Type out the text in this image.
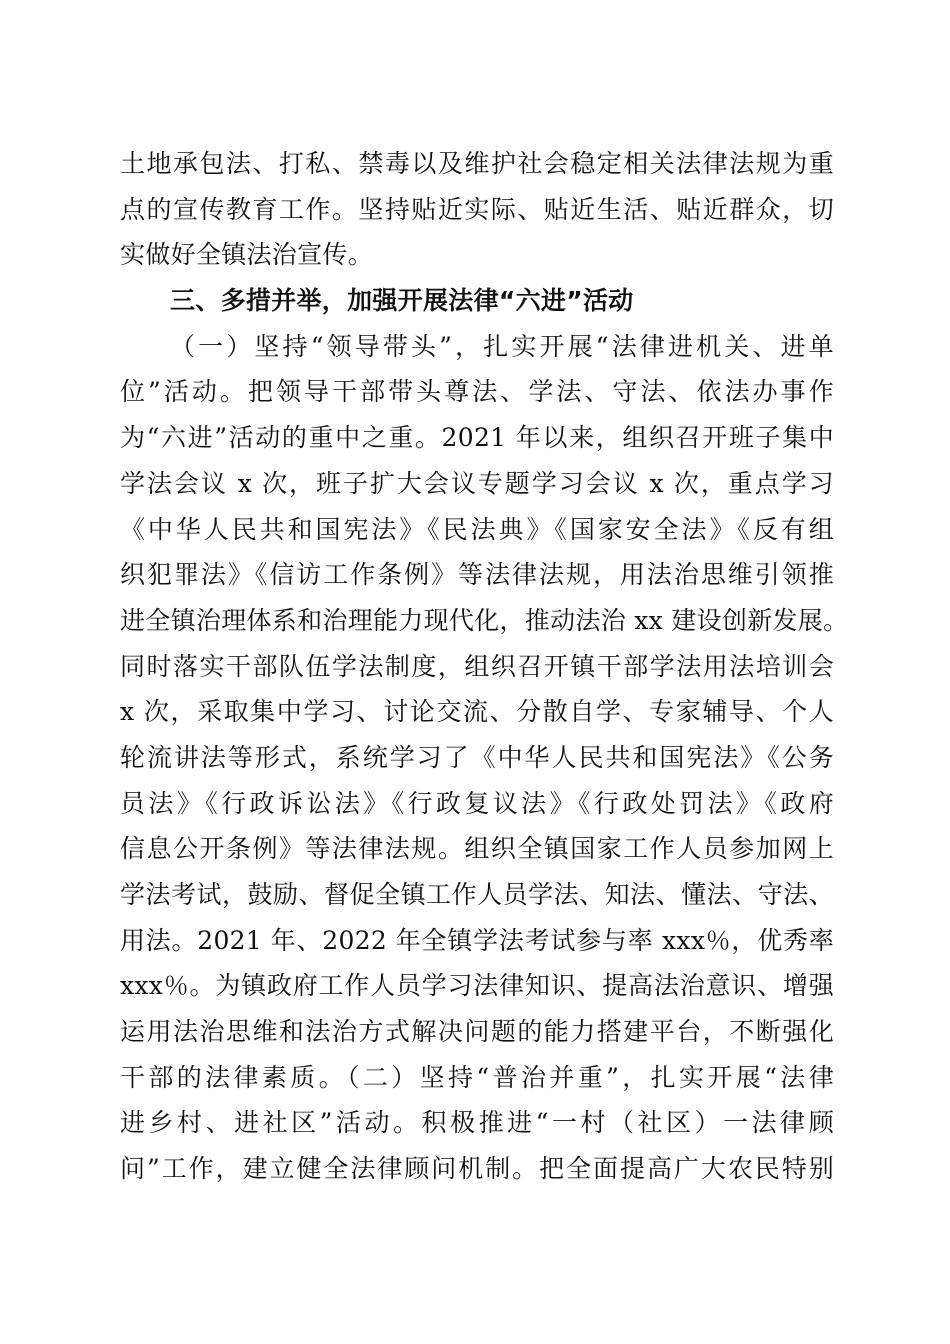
土地承包法、打私、禁毒以及维护社会稳定相关法律法规为重
点的宣传教育工作。坚持贴近实际、贴近生活、贴近群众，切
实做好全镇法治宣传。
三、多措并举，加强开展法律“六进”活动
（一）坚持“领导带头”，扎实开展“法律进机关、进单
位”活动。把领导干部带头尊法、学法、守法、依法办事作
为“六进”活动的重中之重。2021 年以来，组织召开班子集中
学法会议 x 次，班子扩大会议专题学习会议 x 次，重点学习
《中华人民共和国宪法》《民法典》《国家安全法》《反有组
织犯罪法》《信访工作条例》等法律法规，用法治思维引领推
进全镇治理体系和治理能力现代化，推动法治 xx 建设创新发展。
同时落实干部队伍学法制度，组织召开镇干部学法用法培训会
x 次，采取集中学习、讨论交流、分散自学、专家辅导、个人
轮流讲法等形式，系统学习了《中华人民共和国宪法》《公务
员法》《行政诉讼法》《行政复议法》《行政处罚法》《政府
信息公开条例》等法律法规。组织全镇国家工作人员参加网上
学法考试，鼓励、督促全镇工作人员学法、知法、懂法、守法、
用法。2021 年、2022 年全镇学法考试参与率 xxx％，优秀率
xxx％。为镇政府工作人员学习法律知识、提高法治意识、增强
运用法治思维和法治方式解决问题的能力搭建平台，不断强化
干部的法律素质。（二）坚持“普治并重”，扎实开展“法律
进乡村、进社区”活动。积极推进“一村（社区）一法律顾
问”工作，建立健全法律顾问机制。把全面提高广大农民特别
